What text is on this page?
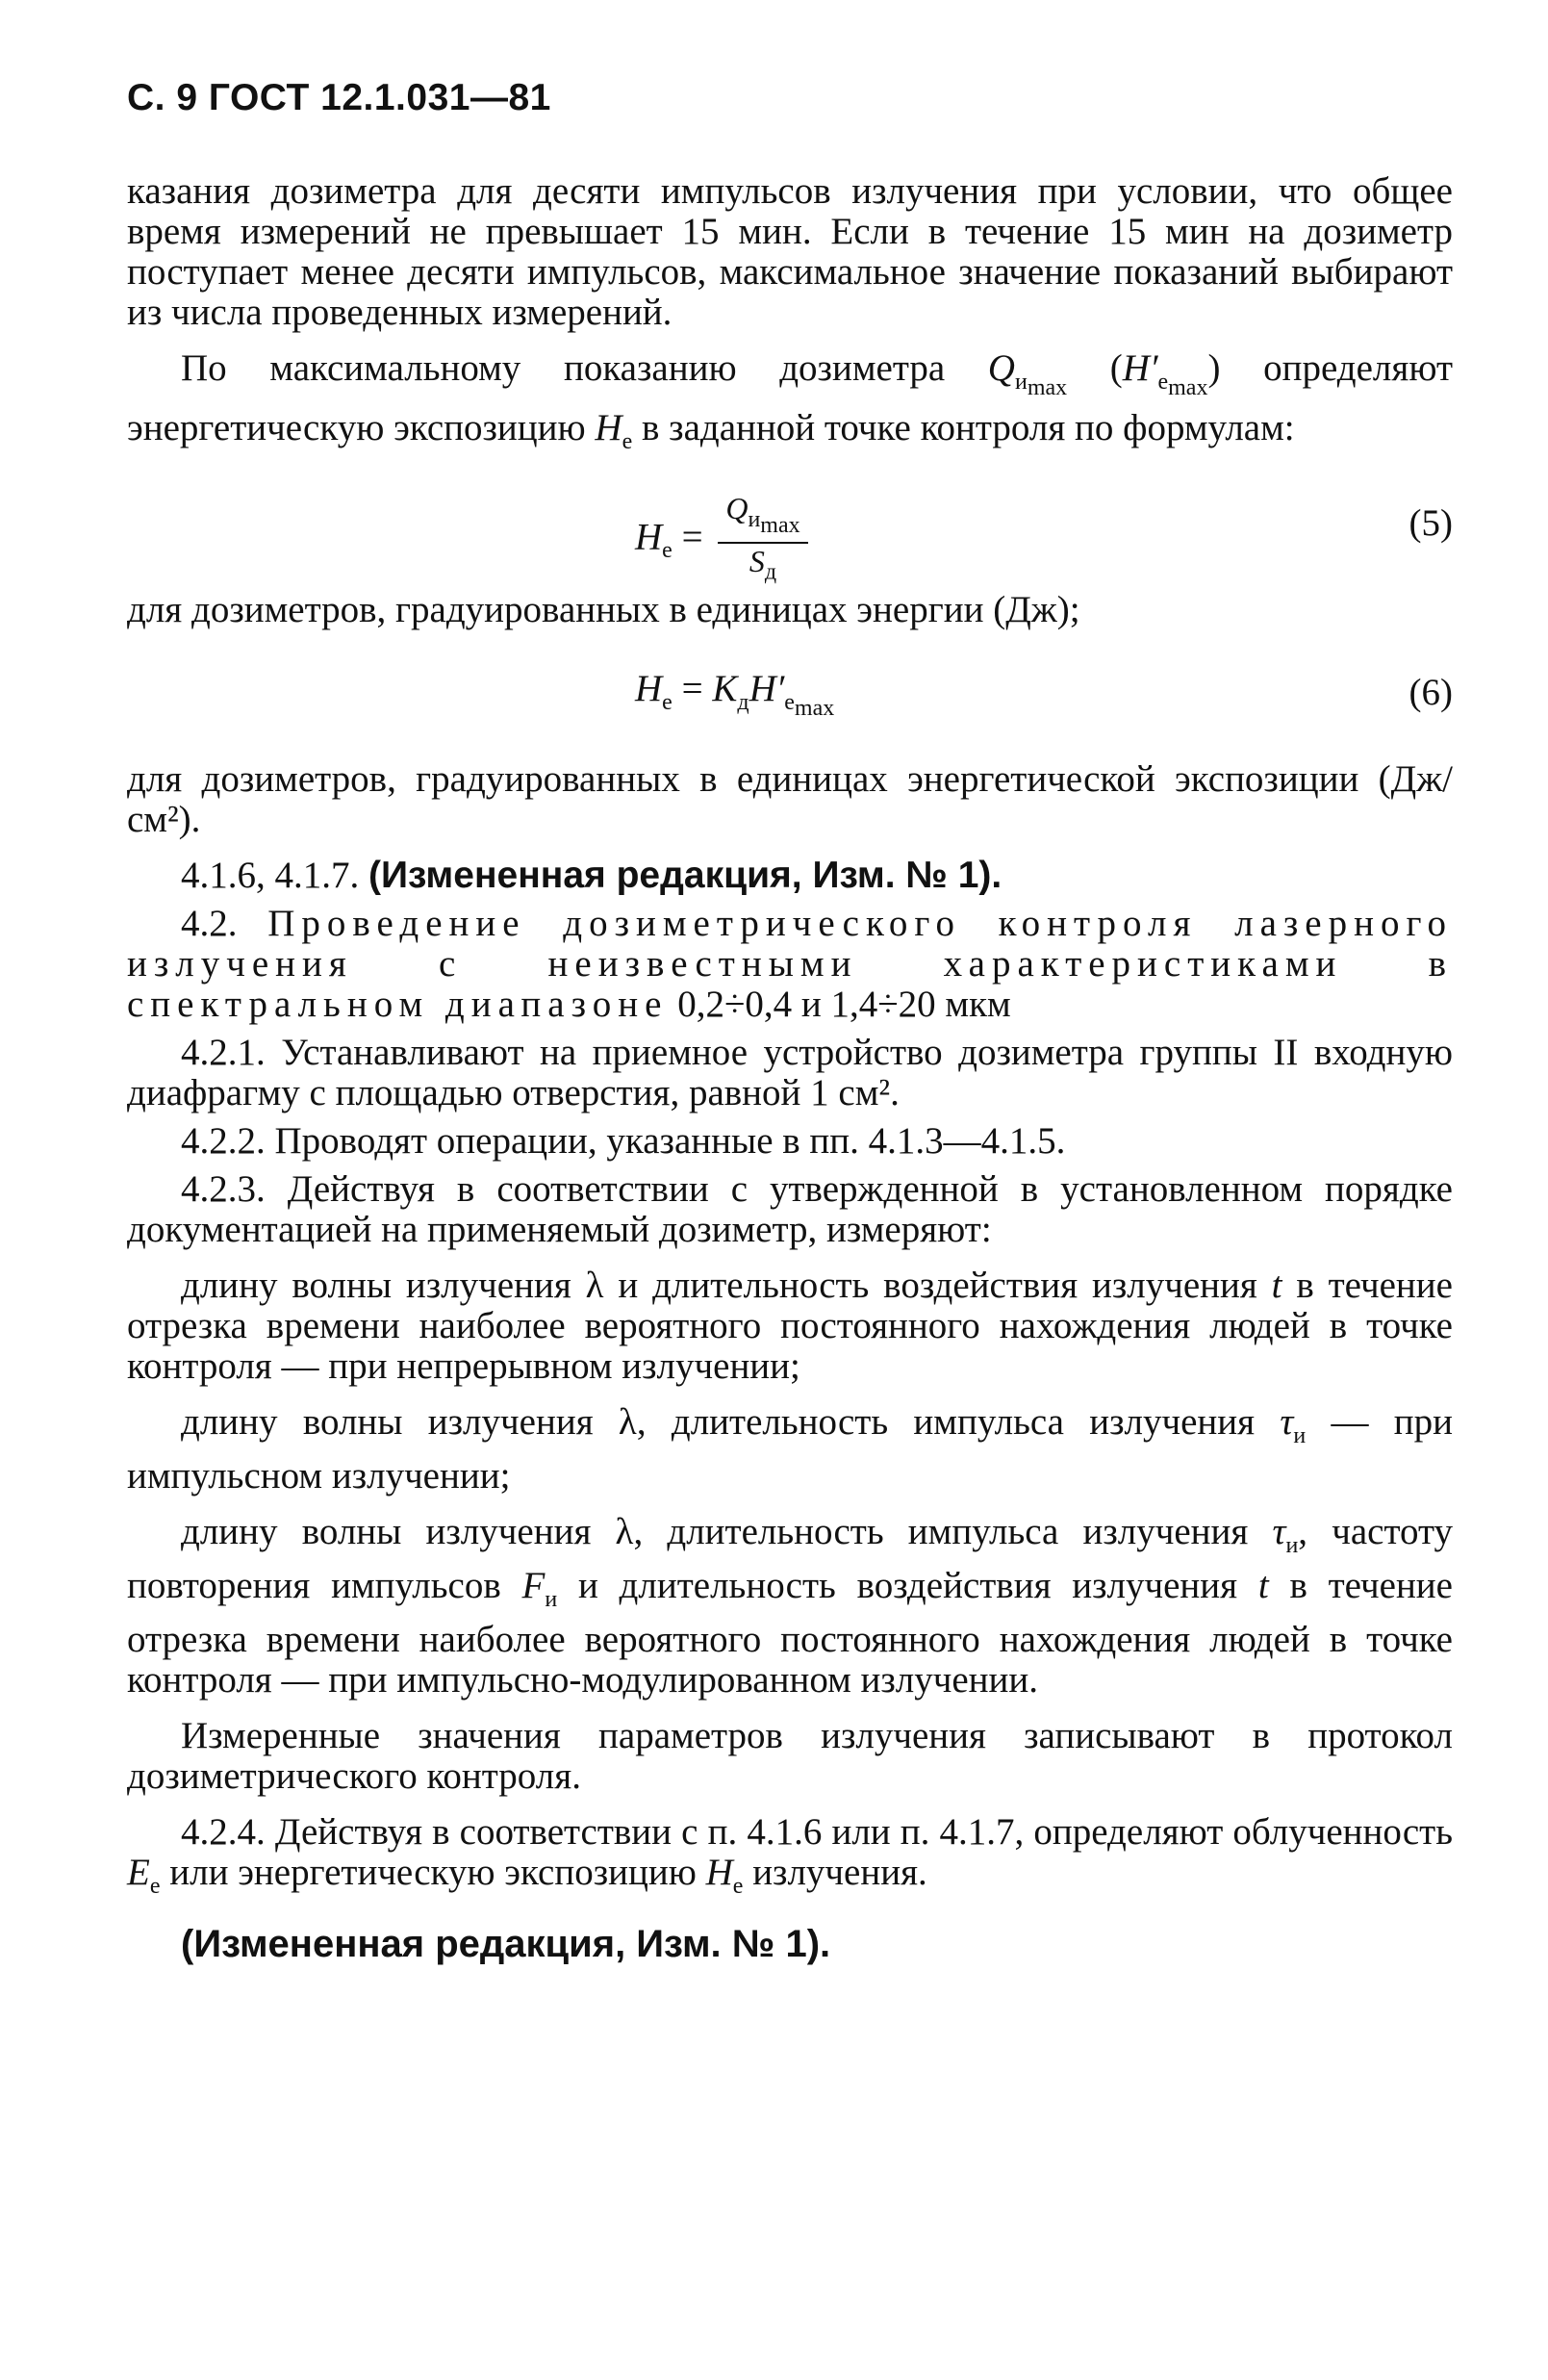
С. 9 ГОСТ 12.1.031—81

казания дозиметра для десяти импульсов излучения при условии, что общее время измерений не превышает 15 мин. Если в течение 15 мин на дозиметр поступает менее десяти импульсов, максимальное значение показаний выбирают из числа проведенных измерений.

По максимальному показанию дозиметра $Q_{и_{max}}$ $(H'_{е_{max}})$ определяют энергетическую экспозицию $H_е$ в заданной точке контроля по формулам:

$H_е = \frac{Q_{и_{max}}}{S_д}$	(5)

для дозиметров, градуированных в единицах энергии (Дж);

$H_е = K_дH'_{е_{max}}$	(6)

для дозиметров, градуированных в единицах энергетической экспозиции (Дж/см²).

4.1.6, 4.1.7. (Измененная редакция, Изм. № 1).

4.2. Проведение дозиметрического контроля лазерного излучения с неизвестными характеристиками в спектральном диапазоне 0,2÷0,4 и 1,4÷20 мкм

4.2.1. Устанавливают на приемное устройство дозиметра группы II входную диафрагму с площадью отверстия, равной 1 см².

4.2.2. Проводят операции, указанные в пп. 4.1.3—4.1.5.

4.2.3. Действуя в соответствии с утвержденной в установленном порядке документацией на применяемый дозиметр, измеряют:

длину волны излучения λ и длительность воздействия излучения t в течение отрезка времени наиболее вероятного постоянного нахождения людей в точке контроля — при непрерывном излучении;

длину волны излучения λ, длительность импульса излучения $\tau_и$ — при импульсном излучении;

длину волны излучения λ, длительность импульса излучения $\tau_и$, частоту повторения импульсов $F_и$ и длительность воздействия излучения t в течение отрезка времени наиболее вероятного постоянного нахождения людей в точке контроля — при импульсно-модулированном излучении.

Измеренные значения параметров излучения записывают в протокол дозиметрического контроля.

4.2.4. Действуя в соответствии с п. 4.1.6 или п. 4.1.7, определяют облученность $E_е$ или энергетическую экспозицию $H_е$ излучения.

(Измененная редакция, Изм. № 1).
